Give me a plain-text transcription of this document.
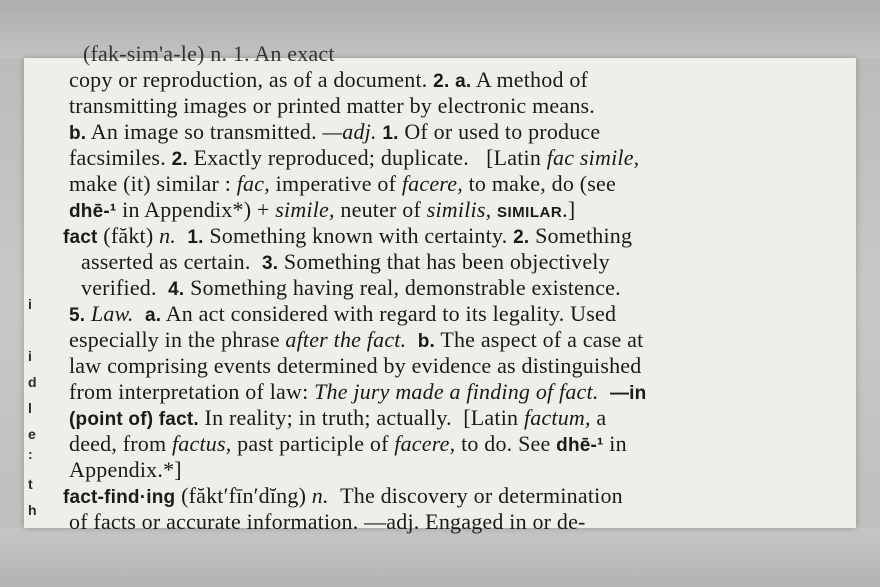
i
i
d
l
e
:
t
h
(fak-sim'a-le) n. 1. An exact
copy or reproduction, as of a document. 2. a. A method of
transmitting images or printed matter by electronic means.
b. An image so transmitted. —adj. 1. Of or used to produce
facsimiles. 2. Exactly reproduced; duplicate. [Latin fac simile,
make (it) similar : fac, imperative of facere, to make, do (see
dhē-¹ in Appendix*) + simile, neuter of similis, SIMILAR.]
fact (făkt) n. 1. Something known with certainty. 2. Something
asserted as certain. 3. Something that has been objectively
verified. 4. Something having real, demonstrable existence.
5. Law. a. An act considered with regard to its legality. Used
especially in the phrase after the fact. b. The aspect of a case at
law comprising events determined by evidence as distinguished
from interpretation of law: The jury made a finding of fact. —in
(point of) fact. In reality; in truth; actually. [Latin factum, a
deed, from factus, past participle of facere, to do. See dhē-¹ in
Appendix.*]
fact-find·ing (făkt′fīn′dĭng) n. The discovery or determination
of facts or accurate information. —adj. Engaged in or de-
